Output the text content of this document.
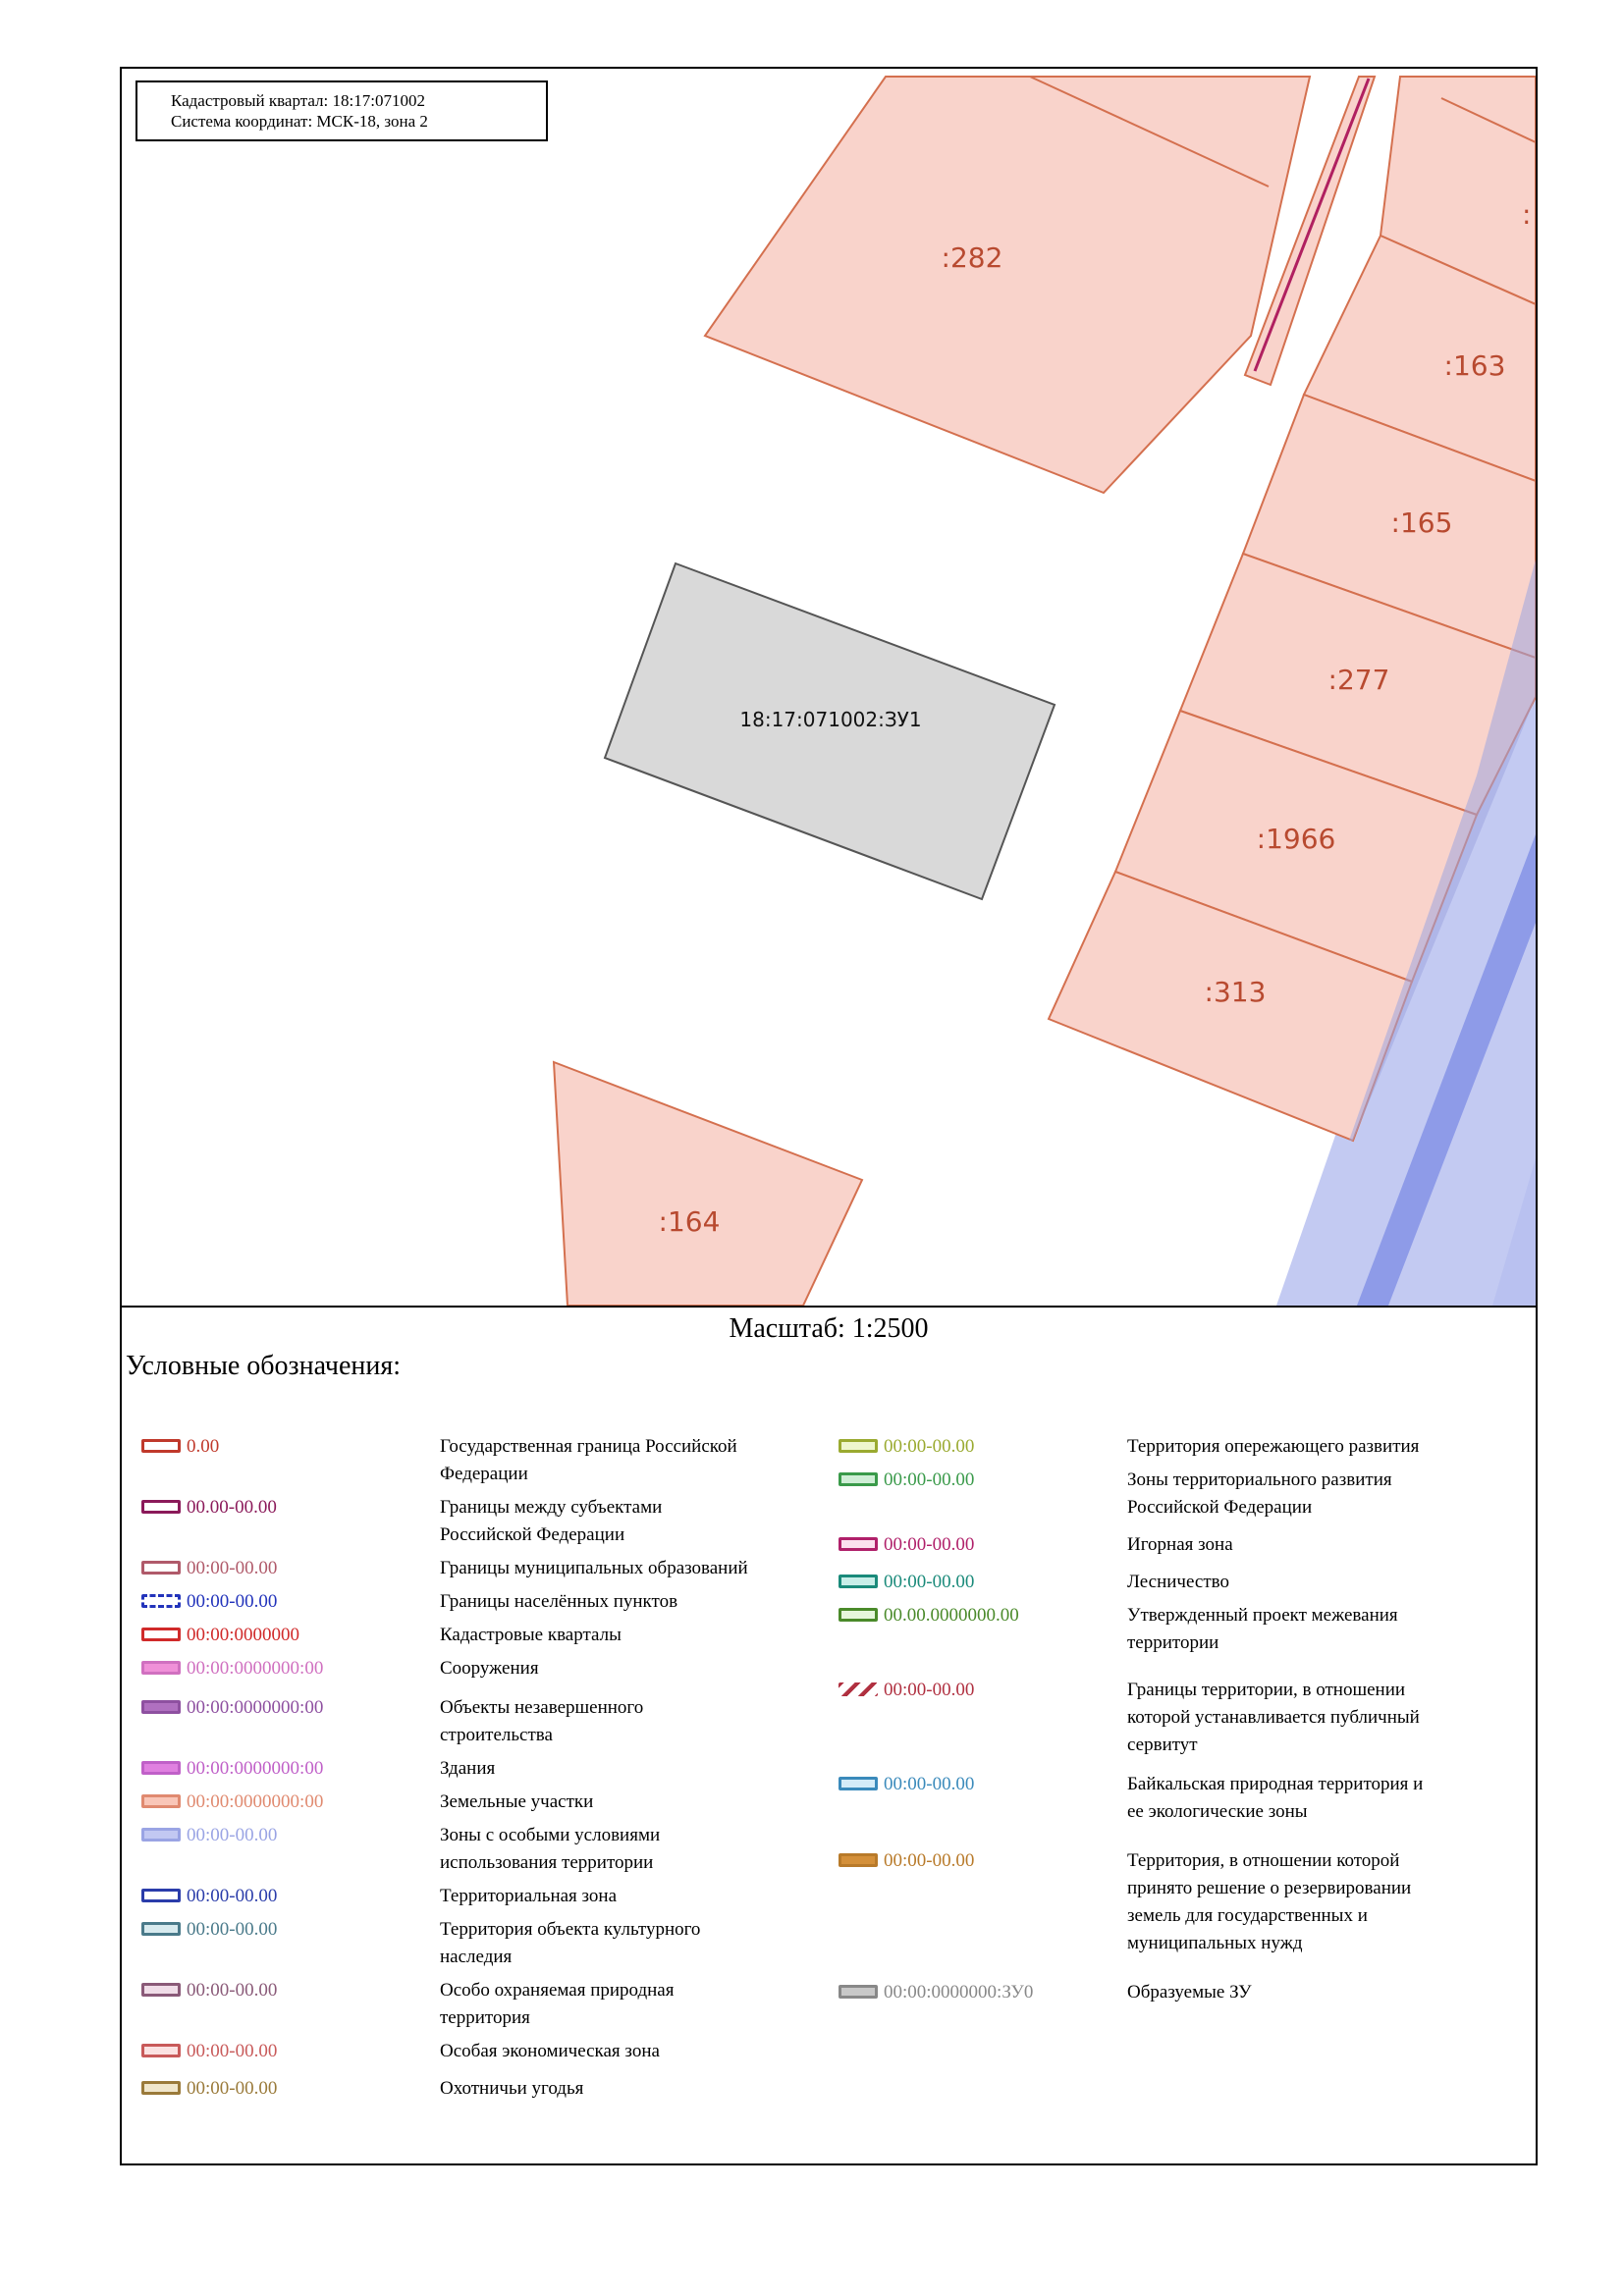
:282
:
:163
:165
:277
:1966
:313
:164
18:17:071002:ЗУ1
Кадастровый квартал: 18:17:071002
Система координат: МСК-18, зона 2
Масштаб: 1:2500
Условные обозначения:
0.00	Государственная граница Российской
Федерации
00.00-00.00	Границы между субъектами
Российской Федерации
00:00-00.00	Границы муниципальных образований
00:00-00.00	Границы населённых пунктов
00:00:0000000	Кадастровые кварталы
00:00:0000000:00	Сооружения
00:00:0000000:00	Объекты незавершенного
строительства
00:00:0000000:00	Здания
00:00:0000000:00	Земельные участки
00:00-00.00	Зоны с особыми условиями
использования территории
00:00-00.00	Территориальная зона
00:00-00.00	Территория объекта культурного
наследия
00:00-00.00	Особо охраняемая природная
территория
00:00-00.00	Особая экономическая зона
00:00-00.00	Охотничьи угодья
00:00-00.00	Территория опережающего развития
00:00-00.00	Зоны территориального развития
Российской Федерации
00:00-00.00	Игорная зона
00:00-00.00	Лесничество
00.00.0000000.00	Утвержденный проект межевания
территории
00:00-00.00	Границы территории, в отношении
которой устанавливается публичный
сервитут
00:00-00.00	Байкальская природная территория и
ее экологические зоны
00:00-00.00	Территория, в отношении которой
принято решение о резервировании
земель для государственных и
муниципальных нужд
00:00:0000000:ЗУ0	Образуемые ЗУ
